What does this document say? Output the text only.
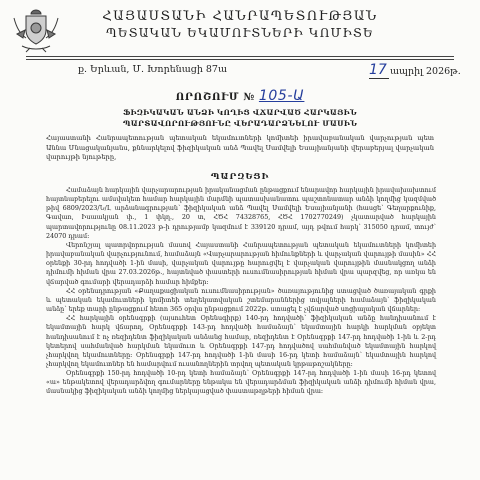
ՀԱՅԱՍՏԱՆԻ ՀԱՆՐԱՊԵՏՈՒԹՅԱՆ
ՊԵՏԱԿԱՆ ԵԿԱՄՈՒՏՆԵՐԻ ԿՈՄԻՏԵ
ք. Երևան, Մ. Խորենացի 87ա	17 ապրիլ 2026թ.
ՈՐՈՇՈՒՄ № 105-Ա
ՖԻԶԻԿԱԿԱՆ ԱՆՁԻ ԿՈՂԻՑ ՎՃԱՐՎԱԾ ՀԱՐԿԱՅԻՆ
ՊԱՐՏԱՎՈՐՈՒԹՅՈՒՆԸ ՎԵՐԱԴԱՐՁՆԵԼՈՒ ՄԱՍԻՆ
Հայաստանի Հանրապետության պետական եկամուտների կոմիտեի իրավաբանական վարչության պետ Աննա Մնացականյանս, քննարկելով ֆիզիկական անձ Պավել Սամվելի Եսայիանյանի վերաբերյալ վարչական վարույթի նյութերը,
ՊԱՐԶԵՑԻ

Համաձայն հարկային վարչարարության իրականացման ընթացքում ենարավոր հարկային իրավախախտում հայտնաբերելու ամսվակետ համար հարկային մարմնի պատասխանատու պաշտոնատար անձի կողմից կազմված թիվ 6809/2023/Ն/Լ արձանագրության՝ ֆիզիկական անձ Պավել Սամվելի Եսայիանյանի (հասցե՝ Գեղարքունիք, Գավառ, Իսաակյան փ., 1 փկղ., 20 տ, ՀԾՀ 74328765, ՀԾՀ 1702770249) չկատարված հարկային պարտավորությունը 08.11.2023 թ-ի դրությամբ կազմում է 339120 դրամ, այդ թվում հարկ՝ 315050 դրամ, տույժ՝ 24070 դրամ:

Վերոնշյալ պատրվորության մասով Հայաստանի Հանրապետության պետական եկամուտների կոմիտեի իրավաբանական վարչությունում, համաձայն «Վարչարարության հիմունքների և վարչական վարույթի մասին» ՀՀ օրենքի 30-րդ հոդվածի 1-ին մասի, վարչական վարույթը հարուցվել է վարչական վարույթին մասնակցող անձի դիմումի հիման վրա 27.03.2026թ., հայտնված փաստերի ուսումնասիրության հիման վրա պարզվեց, որ առկա են վճարված գումարի վերադարձի համար հիմքեր:

ՀՀ օրենսդրության «Քաղաքացիական ուսումնասիրության» ծառայությունից ստացված ծառայական գրքի և պետական եկամուտների կոմիտեի տեղեկատվական շտեմարաններից տվյալների համաձայն՝ ֆիզիկական անձը՝ երեք տարի ընթացքում հետո 365 օրվա ընթացքում 2022թ. ստացել է չվճարված սոցիալական վճարներ:

ՀՀ հարկային օրենսգրքի (այսուհետ Օրենսգիրք) 140-րդ հոդվածի՝ ֆիզիկական անձը հանդիսանում է եկամտային հարկ վճարող, Օրենսգրքի 143-րդ հոդվածի համաձայն՝ եկամտային հարկի հարկման օբյեկտ հանդիսանում է ոչ ռեզիդենտ ֆիզիկական անձանց համար, ռեզիդենտ է Օրենսգրքի 147-րդ հոդվածի 1-ին և 2-րդ կետերով սահմանված հարկման եկամուտ և Օրենսգրքի 147-րդ հոդվածով սահմանված եկամտային հարկով չհարկվող եկամուտները: Օրենսգրքի 147-րդ հոդվածի 1-ին մասի 16-րդ կետի համաձայն՝ եկամտային հարկով չհարկվող եկամուտներ են համարվում ուսանողներին տրվող պետական կրթաթոշակները:

Օրենսգրքի 150-րդ հոդվածի 10-րդ կետի համաձայն՝ Օրենսգրքի 147-րդ հոդվածի 1-ին մասի 16-րդ կետով «ա» ենթակետով վերադարձվող գումարները ենթակա են վերադարձման ֆիզիկական անձի դիմումի հիման վրա, մասնակից ֆիզիկական անձի կողմից ներկայացված փաստաթղթերի հիման վրա:
